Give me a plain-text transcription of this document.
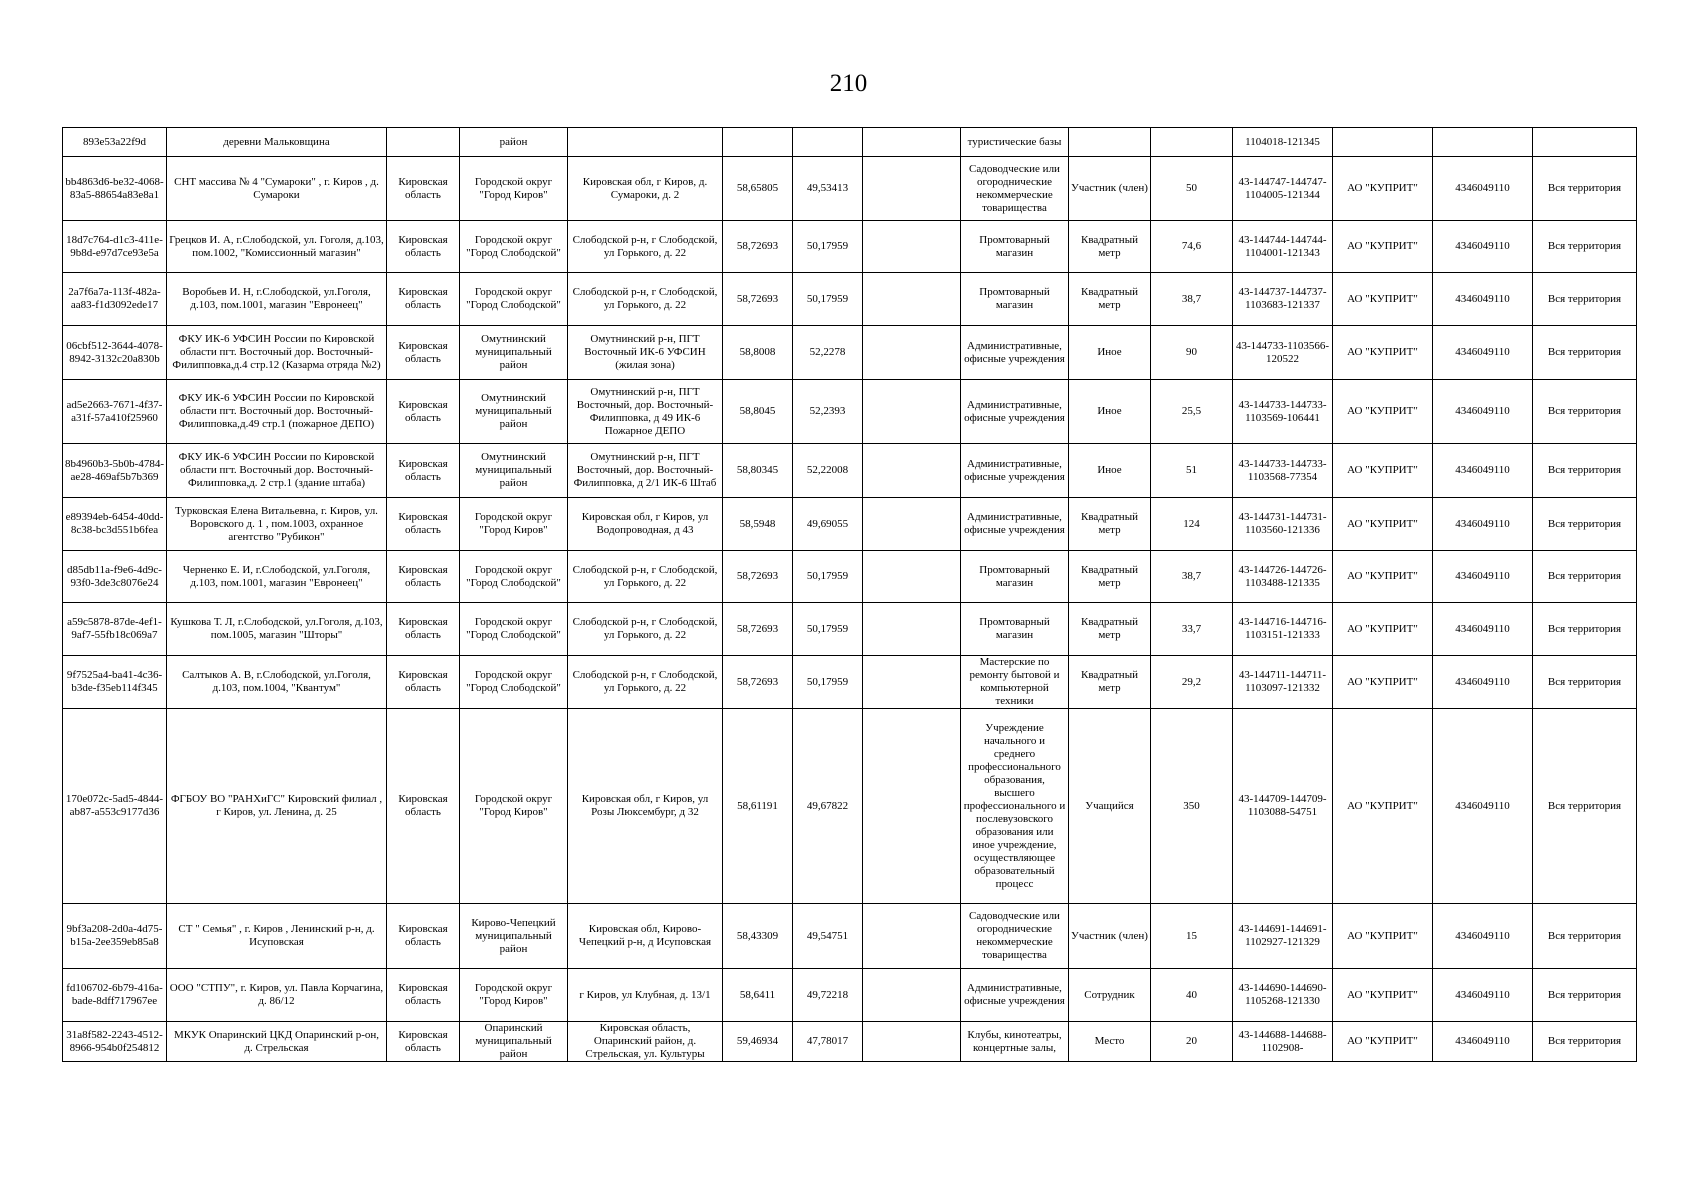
210
893e53a22f9d	деревни Мальковщина		район					туристические базы			1104018-121345			
bb4863d6-be32-4068-83a5-88654a83e8a1	СНТ массива № 4 "Сумароки" , г. Киров , д. Сумароки	Кировская область	Городской округ "Город Киров"	Кировская обл, г Киров, д. Сумароки, д. 2	58,65805	49,53413		Садоводческие или огороднические некоммерческие товарищества	Участник (член)	50	43-144747-144747-1104005-121344	АО "КУПРИТ"	4346049110	Вся территория
18d7c764-d1c3-411e-9b8d-e97d7ce93e5a	Грецков И. А, г.Слободской, ул. Гоголя, д.103, пом.1002, "Комиссионный магазин"	Кировская область	Городской округ "Город Слободской"	Слободской р-н, г Слободской, ул Горького, д. 22	58,72693	50,17959		Промтоварный магазин	Квадратный метр	74,6	43-144744-144744-1104001-121343	АО "КУПРИТ"	4346049110	Вся территория
2a7f6a7a-113f-482a-aa83-f1d3092ede17	Воробьев И. Н, г.Слободской, ул.Гоголя, д.103, пом.1001, магазин "Евронеец"	Кировская область	Городской округ "Город Слободской"	Слободской р-н, г Слободской, ул Горького, д. 22	58,72693	50,17959		Промтоварный магазин	Квадратный метр	38,7	43-144737-144737-1103683-121337	АО "КУПРИТ"	4346049110	Вся территория
06cbf512-3644-4078-8942-3132c20a830b	ФКУ ИК-6 УФСИН России по Кировской области пгт. Восточный дор. Восточный-Филипповка,д.4 стр.12 (Казарма отряда №2)	Кировская область	Омутнинский муниципальный район	Омутнинский р-н, ПГТ Восточный ИК-6 УФСИН (жилая зона)	58,8008	52,2278		Административные, офисные учреждения	Иное	90	43-144733-1103566-120522	АО "КУПРИТ"	4346049110	Вся территория
ad5e2663-7671-4f37-a31f-57a410f25960	ФКУ ИК-6 УФСИН России по Кировской области пгт. Восточный дор. Восточный-Филипповка,д.49 стр.1 (пожарное ДЕПО)	Кировская область	Омутнинский муниципальный район	Омутнинский р-н, ПГТ Восточный, дор. Восточный-Филипповка, д 49 ИК-6 Пожарное ДЕПО	58,8045	52,2393		Административные, офисные учреждения	Иное	25,5	43-144733-144733-1103569-106441	АО "КУПРИТ"	4346049110	Вся территория
8b4960b3-5b0b-4784-ae28-469af5b7b369	ФКУ ИК-6 УФСИН России по Кировской области пгт. Восточный дор. Восточный-Филипповка,д. 2 стр.1 (здание штаба)	Кировская область	Омутнинский муниципальный район	Омутнинский р-н, ПГТ Восточный, дор. Восточный-Филипповка, д 2/1 ИК-6 Штаб	58,80345	52,22008		Административные, офисные учреждения	Иное	51	43-144733-144733-1103568-77354	АО "КУПРИТ"	4346049110	Вся территория
e89394eb-6454-40dd-8c38-bc3d551b6fea	Турковская Елена Витальевна, г. Киров, ул. Воровского д. 1 , пом.1003, охранное агентство "Рубикон"	Кировская область	Городской округ "Город Киров"	Кировская обл, г Киров, ул Водопроводная, д 43	58,5948	49,69055		Административные, офисные учреждения	Квадратный метр	124	43-144731-144731-1103560-121336	АО "КУПРИТ"	4346049110	Вся территория
d85db11a-f9e6-4d9c-93f0-3de3c8076e24	Черненко Е. И, г.Слободской, ул.Гоголя, д.103, пом.1001, магазин "Евронеец"	Кировская область	Городской округ "Город Слободской"	Слободской р-н, г Слободской, ул Горького, д. 22	58,72693	50,17959		Промтоварный магазин	Квадратный метр	38,7	43-144726-144726-1103488-121335	АО "КУПРИТ"	4346049110	Вся территория
a59c5878-87de-4ef1-9af7-55fb18c069a7	Кушкова Т. Л, г.Слободской, ул.Гоголя, д.103, пом.1005, магазин "Шторы"	Кировская область	Городской округ "Город Слободской"	Слободской р-н, г Слободской, ул Горького, д. 22	58,72693	50,17959		Промтоварный магазин	Квадратный метр	33,7	43-144716-144716-1103151-121333	АО "КУПРИТ"	4346049110	Вся территория
9f7525a4-ba41-4c36-b3de-f35eb114f345	Салтыков А. В, г.Слободской, ул.Гоголя, д.103, пом.1004, "Квантум"	Кировская область	Городской округ "Город Слободской"	Слободской р-н, г Слободской, ул Горького, д. 22	58,72693	50,17959		Мастерские по ремонту бытовой и компьютерной техники	Квадратный метр	29,2	43-144711-144711-1103097-121332	АО "КУПРИТ"	4346049110	Вся территория
170e072c-5ad5-4844-ab87-a553c9177d36	ФГБОУ ВО "РАНХиГС" Кировский филиал , г Киров, ул. Ленина, д. 25	Кировская область	Городской округ "Город Киров"	Кировская обл, г Киров, ул Розы Люксембург, д 32	58,61191	49,67822		Учреждение начального и среднего профессионального образования, высшего профессионального и послевузовского образования или иное учреждение, осуществляющее образовательный процесс	Учащийся	350	43-144709-144709-1103088-54751	АО "КУПРИТ"	4346049110	Вся территория
9bf3a208-2d0a-4d75-b15a-2ee359eb85a8	СТ " Семья" , г. Киров , Ленинский р-н, д. Исуповская	Кировская область	Кирово-Чепецкий муниципальный район	Кировская обл, Кирово-Чепецкий р-н, д Исуповская	58,43309	49,54751		Садоводческие или огороднические некоммерческие товарищества	Участник (член)	15	43-144691-144691-1102927-121329	АО "КУПРИТ"	4346049110	Вся территория
fd106702-6b79-416a-bade-8dff717967ee	ООО "СТПУ", г. Киров, ул. Павла Корчагина, д. 86/12	Кировская область	Городской округ "Город Киров"	г Киров, ул Клубная, д. 13/1	58,6411	49,72218		Административные, офисные учреждения	Сотрудник	40	43-144690-144690-1105268-121330	АО "КУПРИТ"	4346049110	Вся территория
31a8f582-2243-4512-8966-954b0f254812	МКУК Опаринский ЦКД Опаринский р-он, д. Стрельская	Кировская область	Опаринский муниципальный район	Кировская область, Опаринский район, д. Стрельская, ул. Культуры	59,46934	47,78017		Клубы, кинотеатры, концертные залы,	Место	20	43-144688-144688-1102908-	АО "КУПРИТ"	4346049110	Вся территория
